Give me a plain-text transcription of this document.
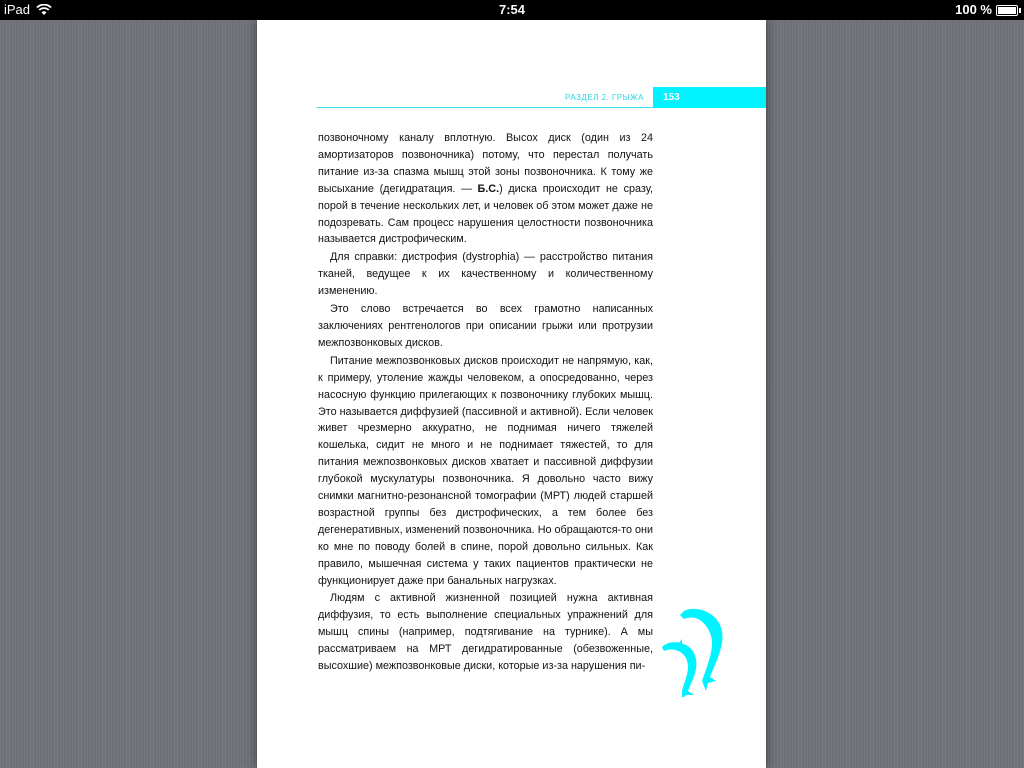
iPad	7:54	100 %
РАЗДЕЛ 2. ГРЫЖА	153

позвоночному каналу вплотную. Высох диск (один из 24 амортизаторов позвоночника) потому, что перестал получать питание из-за спазма мышц этой зоны позвоночника. К тому же высыхание (дегидратация. — Б.С.) диска происходит не сразу, порой в течение нескольких лет, и человек об этом может даже не подозревать. Сам процесс нарушения целостности позвоночника называется дистрофическим.

Для справки: дистрофия (dystrophia) — расстройство питания тканей, ведущее к их качественному и количественному изменению.

Это слово встречается во всех грамотно написанных заключениях рентгенологов при описании грыжи или протрузии межпозвонковых дисков.

Питание межпозвонковых дисков происходит не напрямую, как, к примеру, утоление жажды человеком, а опосредованно, через насосную функцию прилегающих к позвоночнику глубоких мышц. Это называется диффузией (пассивной и активной). Если человек живет чрезмерно аккуратно, не поднимая ничего тяжелей кошелька, сидит не много и не поднимает тяжестей, то для питания межпозвонковых дисков хватает и пассивной диффузии глубокой мускулатуры позвоночника. Я довольно часто вижу снимки магнитно-резонансной томографии (МРТ) людей старшей возрастной группы без дистрофических, а тем более без дегенеративных, изменений позвоночника. Но обращаются-то они ко мне по поводу болей в спине, порой довольно сильных. Как правило, мышечная система у таких пациентов практически не функционирует даже при банальных нагрузках.

Людям с активной жизненной позицией нужна активная диффузия, то есть выполнение специальных упражнений для мышц спины (например, подтягивание на турнике). А мы рассматриваем на МРТ дегидратированные (обезвоженные, высохшие) межпозвонковые диски, которые из-за нарушения пи-
